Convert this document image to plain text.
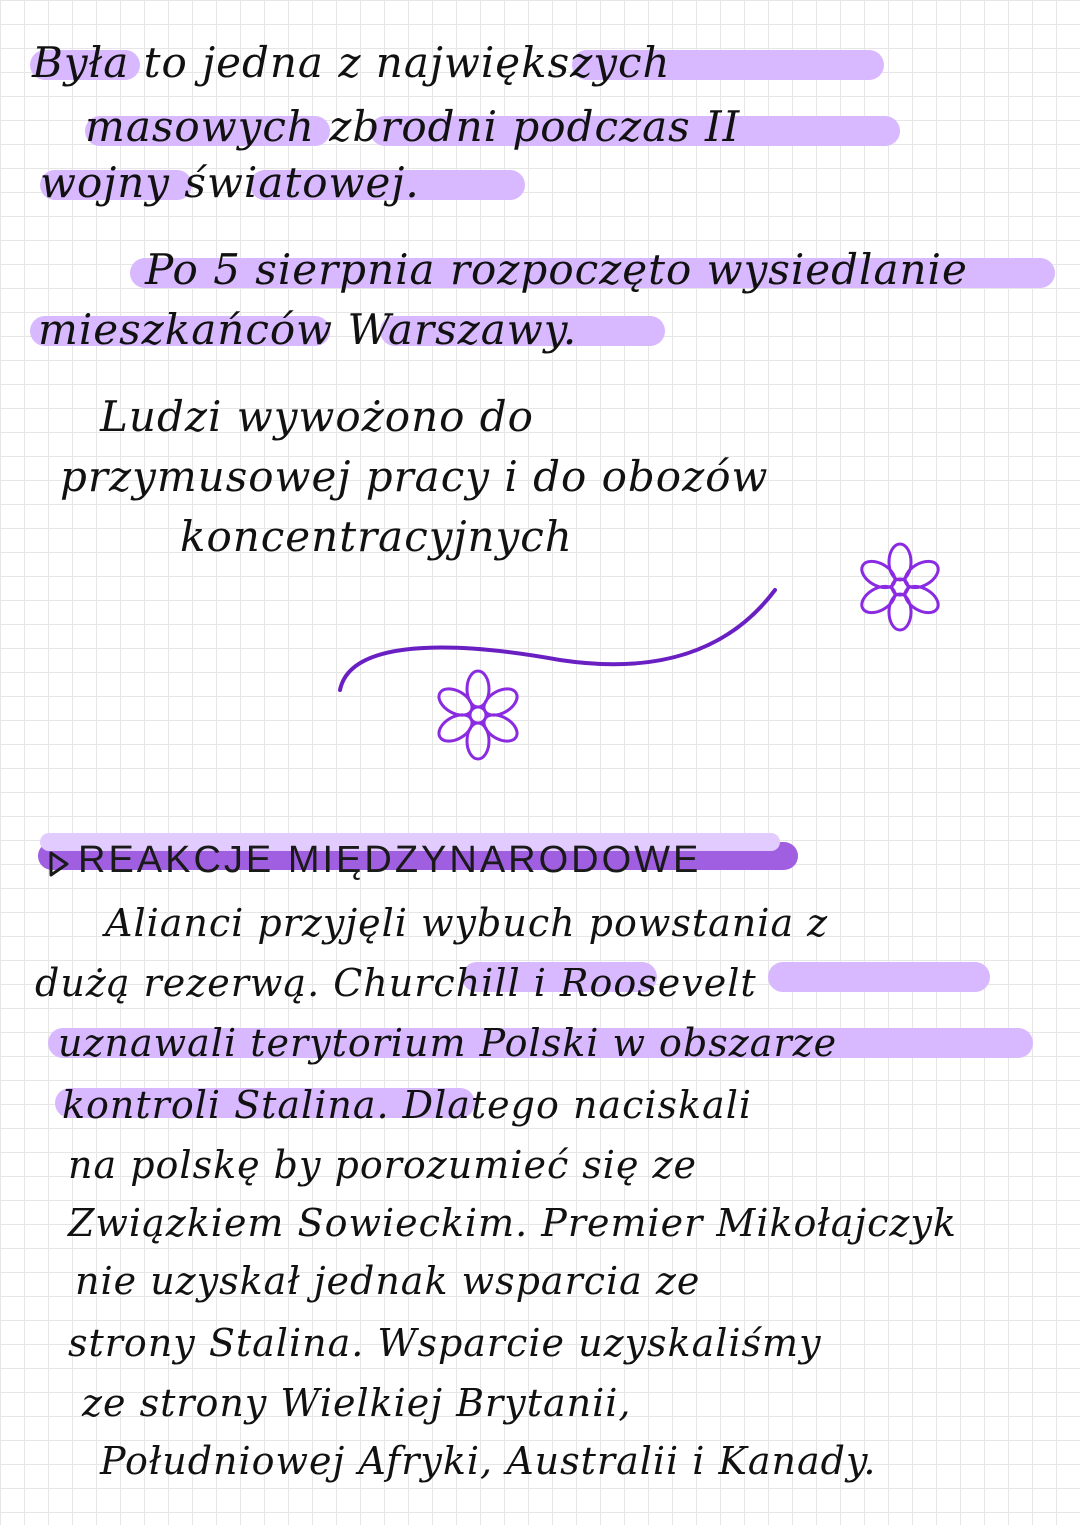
Była to jedna z największych
masowych zbrodni podczas II
wojny światowej.
Po 5 sierpnia rozpoczęto wysiedlanie
mieszkańców Warszawy.
Ludzi wywożono do
przymusowej pracy i do obozów
koncentracyjnych
REAKCJE MIĘDZYNARODOWE
Alianci przyjęli wybuch powstania z
dużą rezerwą. Churchill i Roosevelt
uznawali terytorium Polski w obszarze
kontroli Stalina. Dlatego naciskali
na polskę by porozumieć się ze
Związkiem Sowieckim. Premier Mikołajczyk
nie uzyskał jednak wsparcia ze
strony Stalina. Wsparcie uzyskaliśmy
ze strony Wielkiej Brytanii,
Południowej Afryki, Australii i Kanady.
